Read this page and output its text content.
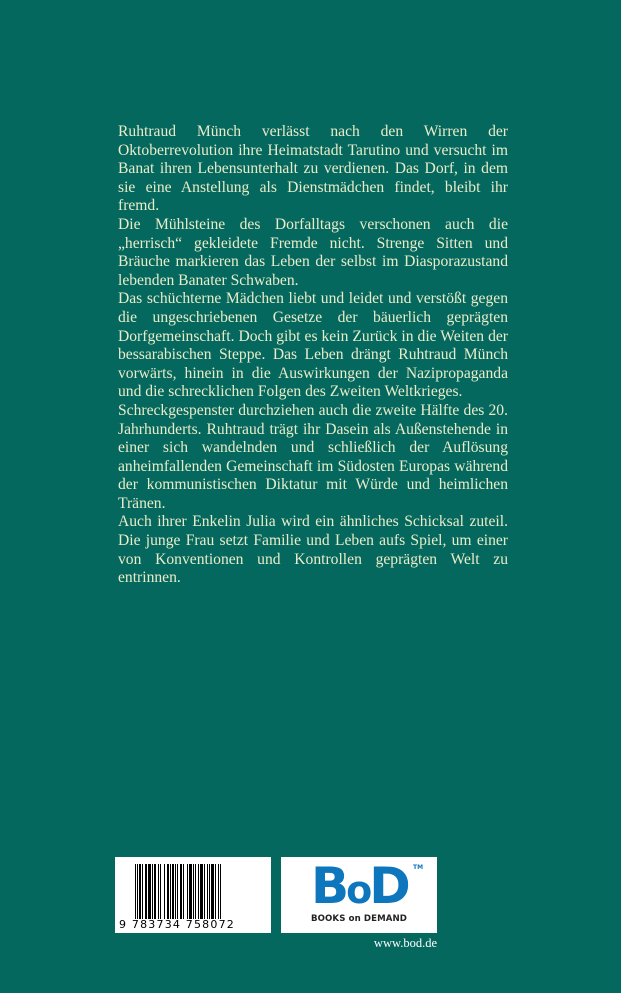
Ruhtraud Münch verlässt nach den Wirren der Oktoberrevolution ihre Heimatstadt Tarutino und versucht im Banat ihren Lebensunterhalt zu verdienen. Das Dorf, in dem sie eine Anstellung als Dienstmädchen findet, bleibt ihr fremd.

Die Mühlsteine des Dorfalltags verschonen auch die „herrisch“ gekleidete Fremde nicht. Strenge Sitten und Bräuche markieren das Leben der selbst im Diasporazustand lebenden Banater Schwaben.

Das schüchterne Mädchen liebt und leidet und verstößt gegen die ungeschriebenen Gesetze der bäuerlich geprägten Dorfgemeinschaft. Doch gibt es kein Zurück in die Weiten der bessarabischen Steppe. Das Leben drängt Ruhtraud Münch vorwärts, hinein in die Auswirkungen der Nazipropaganda und die schrecklichen Folgen des Zweiten Weltkrieges.

Schreckgespenster durchziehen auch die zweite Hälfte des 20. Jahrhunderts. Ruhtraud trägt ihr Dasein als Außenstehende in einer sich wandelnden und schließlich der Auflösung anheimfallenden Gemeinschaft im Südosten Europas während der kommunistischen Diktatur mit Würde und heimlichen Tränen.

Auch ihrer Enkelin Julia wird ein ähnliches Schicksal zuteil. Die junge Frau setzt Familie und Leben aufs Spiel, um einer von Konventionen und Kontrollen geprägten Welt zu entrinnen.

9 783734 758072
BoD TM
BOOKS on DEMAND
www.bod.de
